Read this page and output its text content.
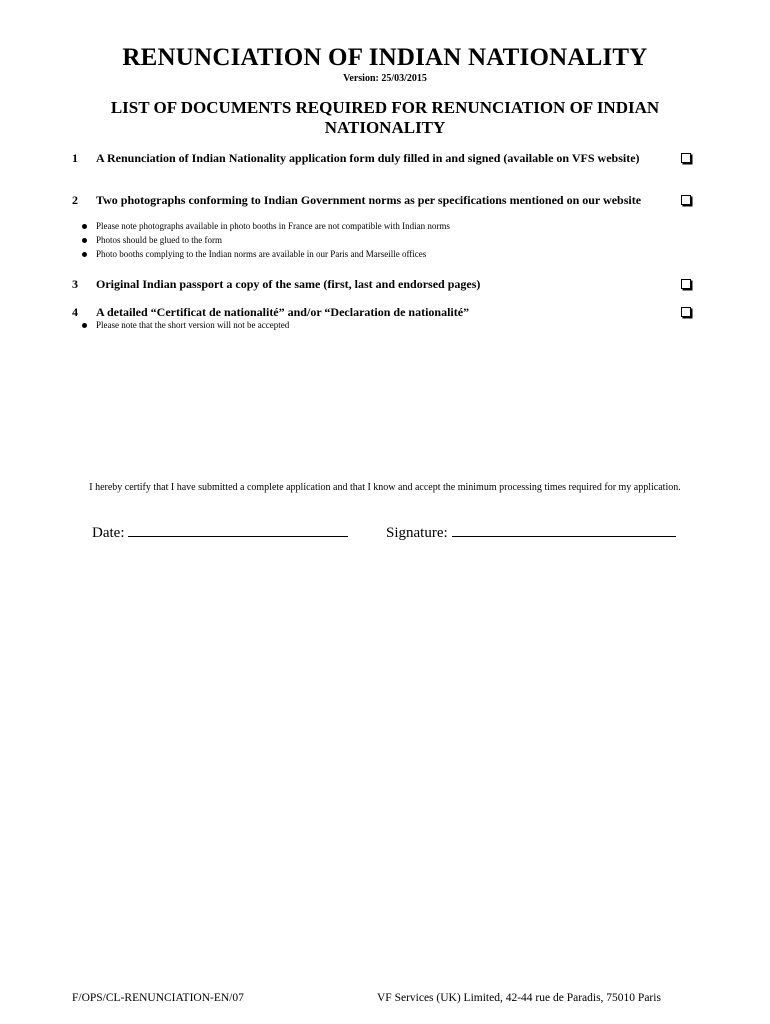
RENUNCIATION OF INDIAN NATIONALITY
Version: 25/03/2015
LIST OF DOCUMENTS REQUIRED FOR RENUNCIATION OF INDIAN NATIONALITY
1 A Renunciation of Indian Nationality application form duly filled in and signed (available on VFS website)
2 Two photographs conforming to Indian Government norms as per specifications mentioned on our website
Please note photographs available in photo booths in France are not compatible with Indian norms
Photos should be glued to the form
Photo booths complying to the Indian norms are available in our Paris and Marseille offices
3 Original Indian passport a copy of the same (first, last and endorsed pages)
4 A detailed “Certificat de nationalité” and/or “Declaration de nationalité”
Please note that the short version will not be accepted
I hereby certify that I have submitted a complete application and that I know and accept the minimum processing times required for my application.
Date:	Signature:
F/OPS/CL-RENUNCIATION-EN/07	VF Services (UK) Limited, 42-44 rue de Paradis, 75010 Paris
